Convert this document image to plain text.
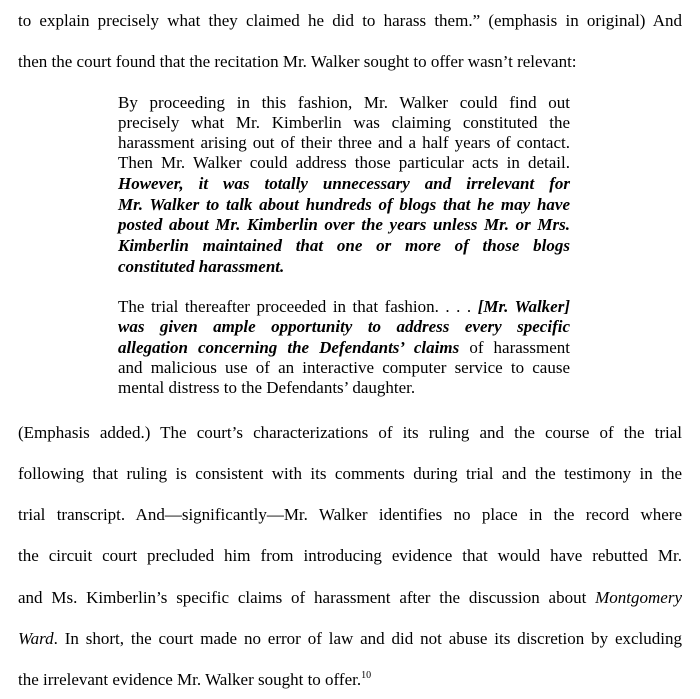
to explain precisely what they claimed he did to harass them.” (emphasis in original) And
then the court found that the recitation Mr. Walker sought to offer wasn’t relevant:
By proceeding in this fashion, Mr. Walker could find out
precisely what Mr. Kimberlin was claiming constituted the
harassment arising out of their three and a half years of contact.
Then Mr. Walker could address those particular acts in detail.
However, it was totally unnecessary and irrelevant for
Mr. Walker to talk about hundreds of blogs that he may have
posted about Mr. Kimberlin over the years unless Mr. or Mrs.
Kimberlin maintained that one or more of those blogs
constituted harassment.
The trial thereafter proceeded in that fashion. . . . [Mr. Walker]
was given ample opportunity to address every specific
allegation concerning the Defendants’ claims of harassment
and malicious use of an interactive computer service to cause
mental distress to the Defendants’ daughter.
(Emphasis added.) The court’s characterizations of its ruling and the course of the trial
following that ruling is consistent with its comments during trial and the testimony in the
trial transcript. And—significantly—Mr. Walker identifies no place in the record where
the circuit court precluded him from introducing evidence that would have rebutted Mr.
and Ms. Kimberlin’s specific claims of harassment after the discussion about Montgomery
Ward. In short, the court made no error of law and did not abuse its discretion by excluding
the irrelevant evidence Mr. Walker sought to offer.$^{10}$
